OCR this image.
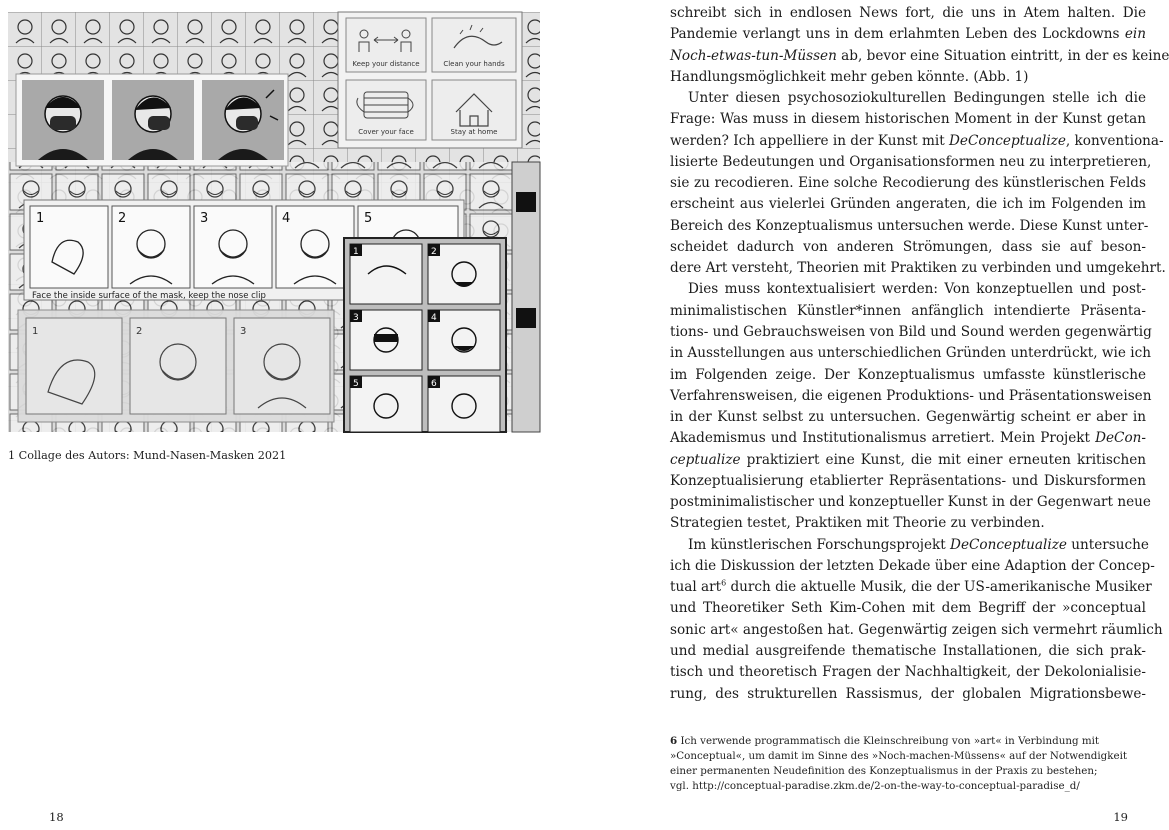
Keep your distance	Clean your hands
Cover your face	Stay at home
1	2	3	4	5
Face the inside surface of the mask, keep the nose clip
1	2	3
1	2
3	4
5	6
1 Collage des Autors: Mund-Nasen-Masken 2021
18
schreibt sich in endlosen News fort, die uns in Atem halten. Die
Pandemie verlangt uns in dem erlahmten Leben des Lockdowns ein
Noch-etwas-tun-Müssen ab, bevor eine Situation eintritt, in der es keine
Handlungsmöglichkeit mehr geben könnte. (Abb. 1)
Unter diesen psychosoziokulturellen Bedingungen stelle ich die
Frage: Was muss in diesem historischen Moment in der Kunst getan
werden? Ich appelliere in der Kunst mit DeConceptualize, konventiona-
lisierte Bedeutungen und Organisationsformen neu zu interpretieren,
sie zu recodieren. Eine solche Recodierung des künstlerischen Felds
erscheint aus vielerlei Gründen angeraten, die ich im Folgenden im
Bereich des Konzeptualismus untersuchen werde. Diese Kunst unter-
scheidet dadurch von anderen Strömungen, dass sie auf beson-
dere Art versteht, Theorien mit Praktiken zu verbinden und umgekehrt.
Dies muss kontextualisiert werden: Von konzeptuellen und post-
minimalistischen Künstler*innen anfänglich intendierte Präsenta-
tions- und Gebrauchsweisen von Bild und Sound werden gegenwärtig
in Ausstellungen aus unterschiedlichen Gründen unterdrückt, wie ich
im Folgenden zeige. Der Konzeptualismus umfasste künstlerische
Verfahrensweisen, die eigenen Produktions- und Präsentationsweisen
in der Kunst selbst zu untersuchen. Gegenwärtig scheint er aber in
Akademismus und Institutionalismus arretiert. Mein Projekt DeCon-
ceptualize praktiziert eine Kunst, die mit einer erneuten kritischen
Konzeptualisierung etablierter Repräsentations- und Diskursformen
postminimalistischer und konzeptueller Kunst in der Gegenwart neue
Strategien testet, Praktiken mit Theorie zu verbinden.
Im künstlerischen Forschungsprojekt DeConceptualize untersuche
ich die Diskussion der letzten Dekade über eine Adaption der Concep-
tual art$^6$ durch die aktuelle Musik, die der US-amerikanische Musiker
und Theoretiker Seth Kim-Cohen mit dem Begriff der »conceptual
sonic art« angestoßen hat. Gegenwärtig zeigen sich vermehrt räumlich
und medial ausgreifende thematische Installationen, die sich prak-
tisch und theoretisch Fragen der Nachhaltigkeit, der Dekolonialisie-
rung, des strukturellen Rassismus, der globalen Migrationsbewe-
6 Ich verwende programmatisch die Kleinschreibung von »art« in Verbindung mit
»Conceptual«, um damit im Sinne des »Noch-machen-Müssens« auf der Notwendigkeit
einer permanenten Neudefinition des Konzeptualismus in der Praxis zu bestehen;
vgl. http://conceptual-paradise.zkm.de/2-on-the-way-to-conceptual-paradise_d/
19
